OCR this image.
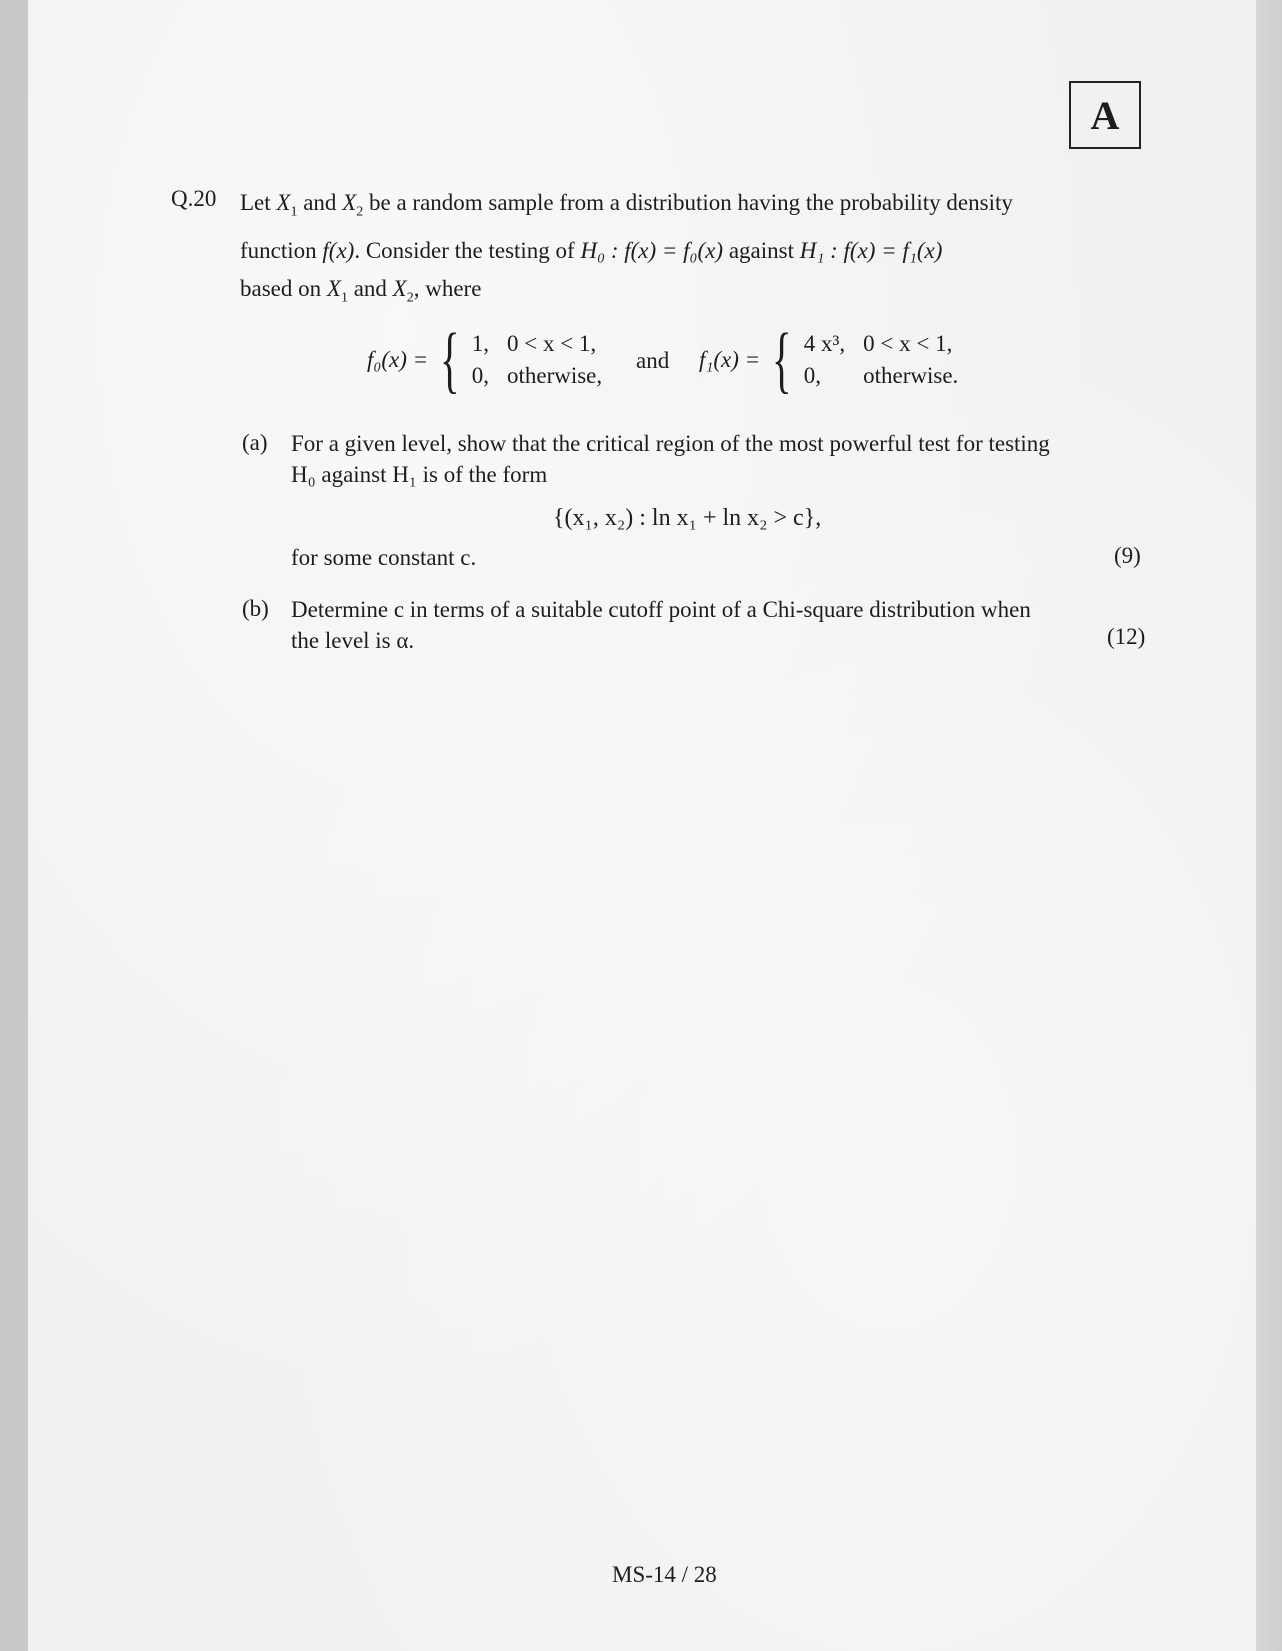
A
Q.20 Let $X_1$ and $X_2$ be a random sample from a distribution having the probability density
function f(x). Consider the testing of H₀ : f(x) = f₀(x) against H₁ : f(x) = f₁(x)
based on $X_1$ and $X_2$, where
f₀(x) = { 1, 0 < x < 1,
0, otherwise,
and f₁(x) = { 4 x³, 0 < x < 1,
0,	otherwise.
(a) For a given level, show that the critical region of the most powerful test for testing
H₀ against H₁ is of the form
{(x₁, x₂) : ln x₁ + ln x₂ > c},
for some constant c.	(9)
(b) Determine c in terms of a suitable cutoff point of a Chi-square distribution when
the level is α.	(12)
MS-14 / 28
